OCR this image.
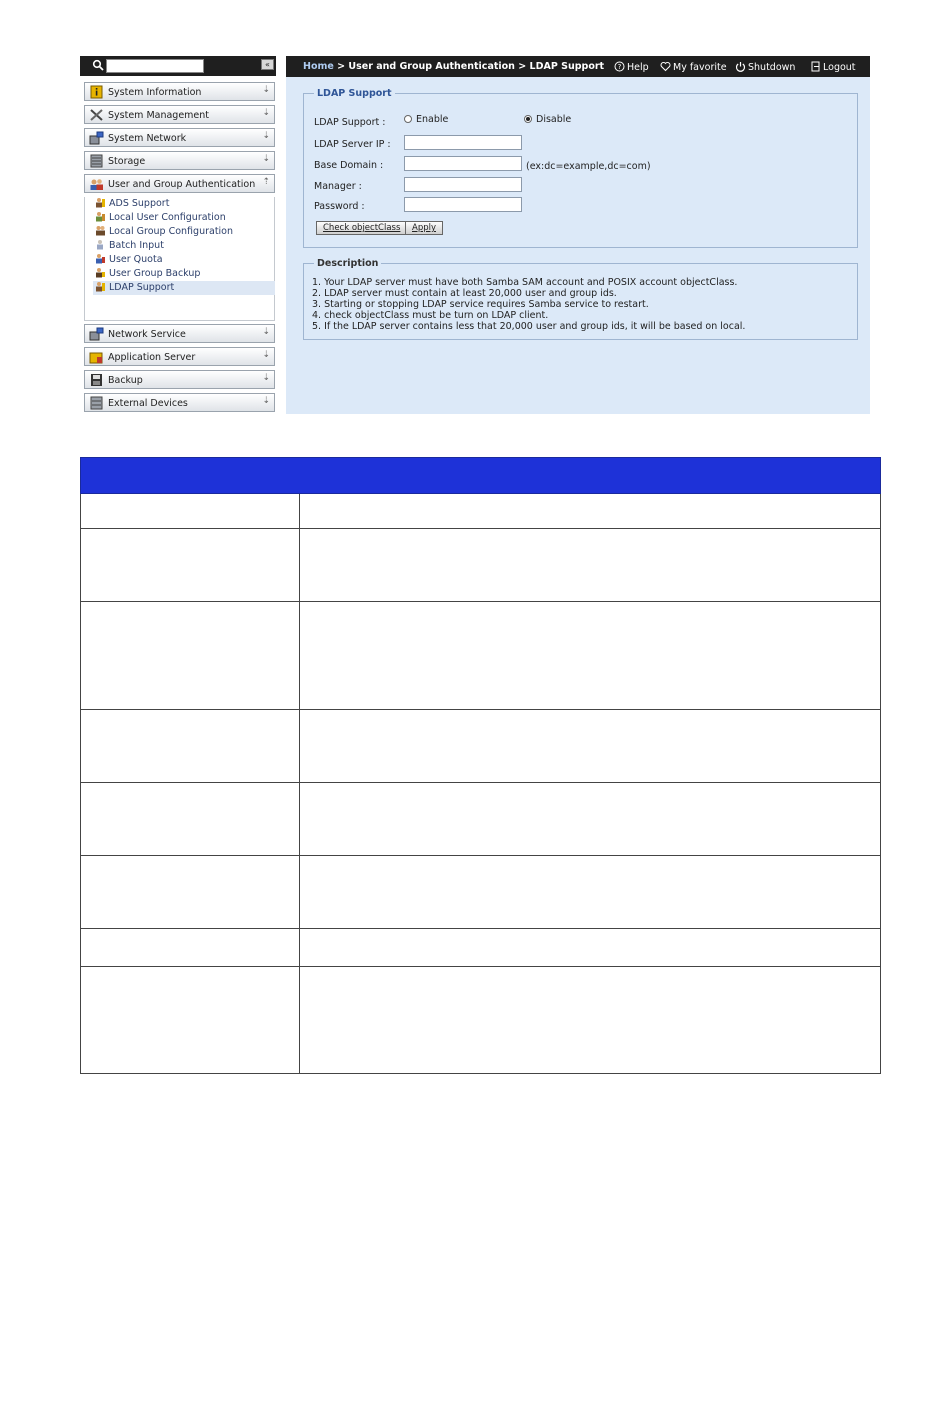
«
System Information	⇣
System Management	⇣
System Network	⇣
Storage	⇣
User and Group Authentication ⇡
ADS Support
Local User Configuration
Local Group Configuration
Batch Input
User Quota
User Group Backup
LDAP Support
Network Service	⇣
Application Server	⇣
Backup	⇣
External Devices	⇣
Home > User and Group Authentication > LDAP Support ? Help	My favorite	Shutdown	Logout
LDAP Support
LDAP Support :	Enable	Disable
LDAP Server IP :
Base Domain :	(ex:dc=example,dc=com)
Manager :
Password :
Check objectClass	Apply
Description
1. Your LDAP server must have both Samba SAM account and POSIX account objectClass.
2. LDAP server must contain at least 20,000 user and group ids.
3. Starting or stopping LDAP service requires Samba service to restart.
4. check objectClass must be turn on LDAP client.
5. If the LDAP server contains less that 20,000 user and group ids, it will be based on local.
